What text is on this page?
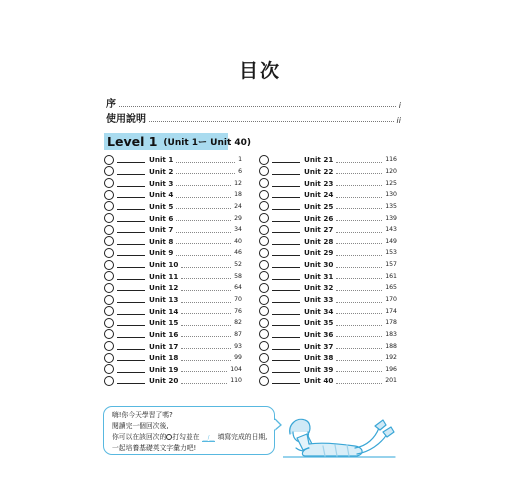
目次
序	i
使用說明	ii
Level 1 (Unit 1ー Unit 40)
Unit 1	1
Unit 2	6
Unit 3	12
Unit 4	18
Unit 5	24
Unit 6	29
Unit 7	34
Unit 8	40
Unit 9	46
Unit 10	52
Unit 11	58
Unit 12	64
Unit 13	70
Unit 14	76
Unit 15	82
Unit 16	87
Unit 17	93
Unit 18	99
Unit 19	104
Unit 20	110
Unit 21	116
Unit 22	120
Unit 23	125
Unit 24	130
Unit 25	135
Unit 26	139
Unit 27	143
Unit 28	149
Unit 29	153
Unit 30	157
Unit 31	161
Unit 32	165
Unit 33	170
Unit 34	174
Unit 35	178
Unit 36	183
Unit 37	188
Unit 38	192
Unit 39	196
Unit 40	201
嗨!你今天學習了嗎?
閱讀完一個回次後,
你可以在該回次的 打勾並在 __/__ 填寫完成的日期,
一起培養基礎英文字彙力吧!
